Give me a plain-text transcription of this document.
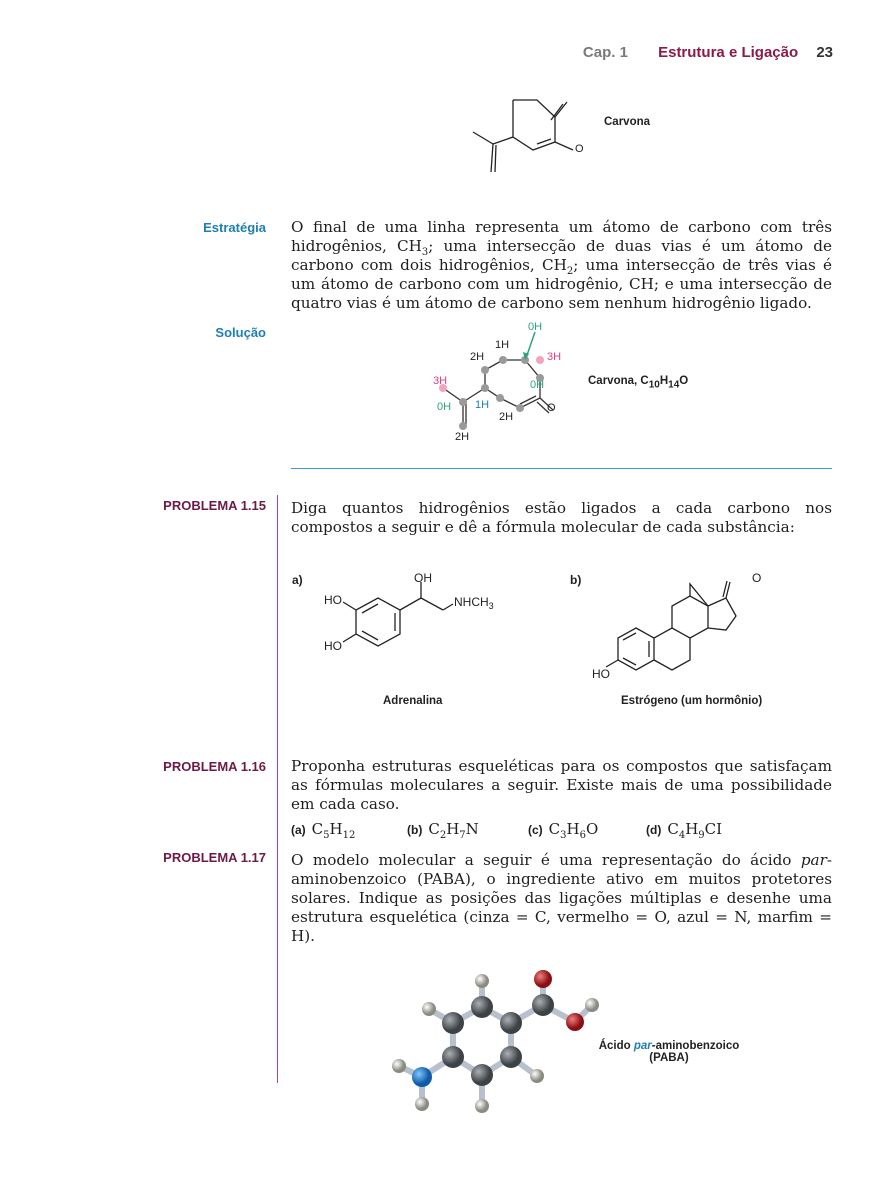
Cap. 1 Estrutura e Ligação 23
O
Carvona
Estratégia O final de uma linha representa um átomo de carbono com três hidrogênios, $CH_3$; uma intersecção de duas vias é um átomo de carbono com dois hidrogênios, $CH_2$; uma intersecção de três vias é um átomo de carbono com um hidrogênio, CH; e uma intersecção de quatro vias é um átomo de carbono sem nenhum hidrogênio ligado.
Solução	0H
1H
2H	3H
3H	0H
0H 1H
2H
2H
O
Carvona, $C_{10}H_{14}O$
PROBLEMA 1.15 Diga quantos hidrogênios estão ligados a cada carbono nos compostos a seguir e dê a fórmula molecular de cada substância:
a)	OH
HO
HO
$NHCH_3$
Adrenalina
b)	O
HO
Estrógeno (um hormônio)
PROBLEMA 1.16 Proponha estruturas esqueléticas para os compostos que satisfaçam as fórmulas moleculares a seguir. Existe mais de uma possibilidade em cada caso.
(a) $C_5H_{12}$	(b) $C_2H_7N$	(c) $C_3H_6O$	(d) $C_4H_9CI$
PROBLEMA 1.17 O modelo molecular a seguir é uma representação do ácido par-aminobenzoico (PABA), o ingrediente ativo em muitos protetores solares. Indique as posições das ligações múltiplas e desenhe uma estrutura esquelética (cinza = C, vermelho = O, azul = N, marfim = H).
Ácido par-aminobenzoico
(PABA)
